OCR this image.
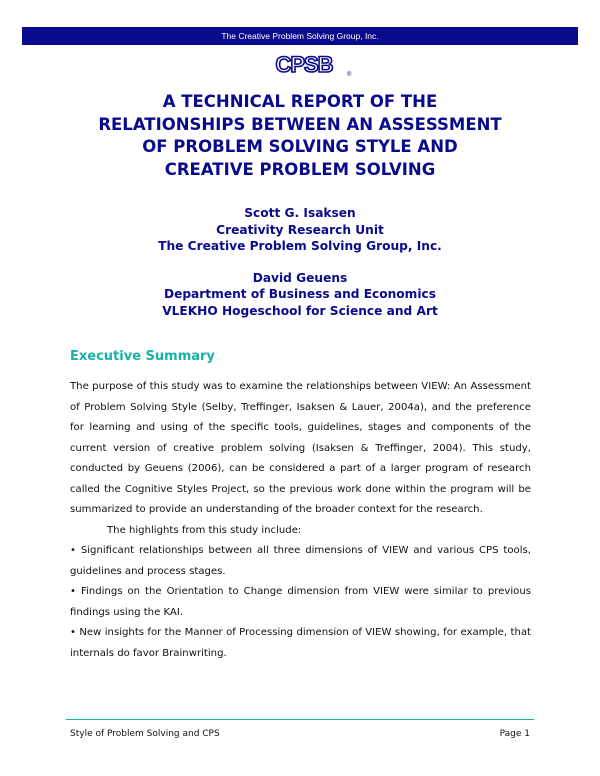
The Creative Problem Solving Group, Inc.
CPSB ®
A TECHNICAL REPORT OF THE
RELATIONSHIPS BETWEEN AN ASSESSMENT
OF PROBLEM SOLVING STYLE AND
CREATIVE PROBLEM SOLVING
Scott G. Isaksen
Creativity Research Unit
The Creative Problem Solving Group, Inc.
David Geuens
Department of Business and Economics
VLEKHO Hogeschool for Science and Art
Executive Summary

The purpose of this study was to examine the relationships between VIEW: An Assessment of Problem Solving Style (Selby, Treffinger, Isaksen & Lauer, 2004a), and the preference for learning and using of the specific tools, guidelines, stages and components of the current version of creative problem solving (Isaksen & Treffinger, 2004). This study, conducted by Geuens (2006), can be considered a part of a larger program of research called the Cognitive Styles Project, so the previous work done within the program will be summarized to provide an understanding of the broader context for the research.

The highlights from this study include:

• Significant relationships between all three dimensions of VIEW and various CPS tools, guidelines and process stages.

• Findings on the Orientation to Change dimension from VIEW were similar to previous findings using the KAI.

• New insights for the Manner of Processing dimension of VIEW showing, for example, that internals do favor Brainwriting.

Style of Problem Solving and CPS	Page 1
